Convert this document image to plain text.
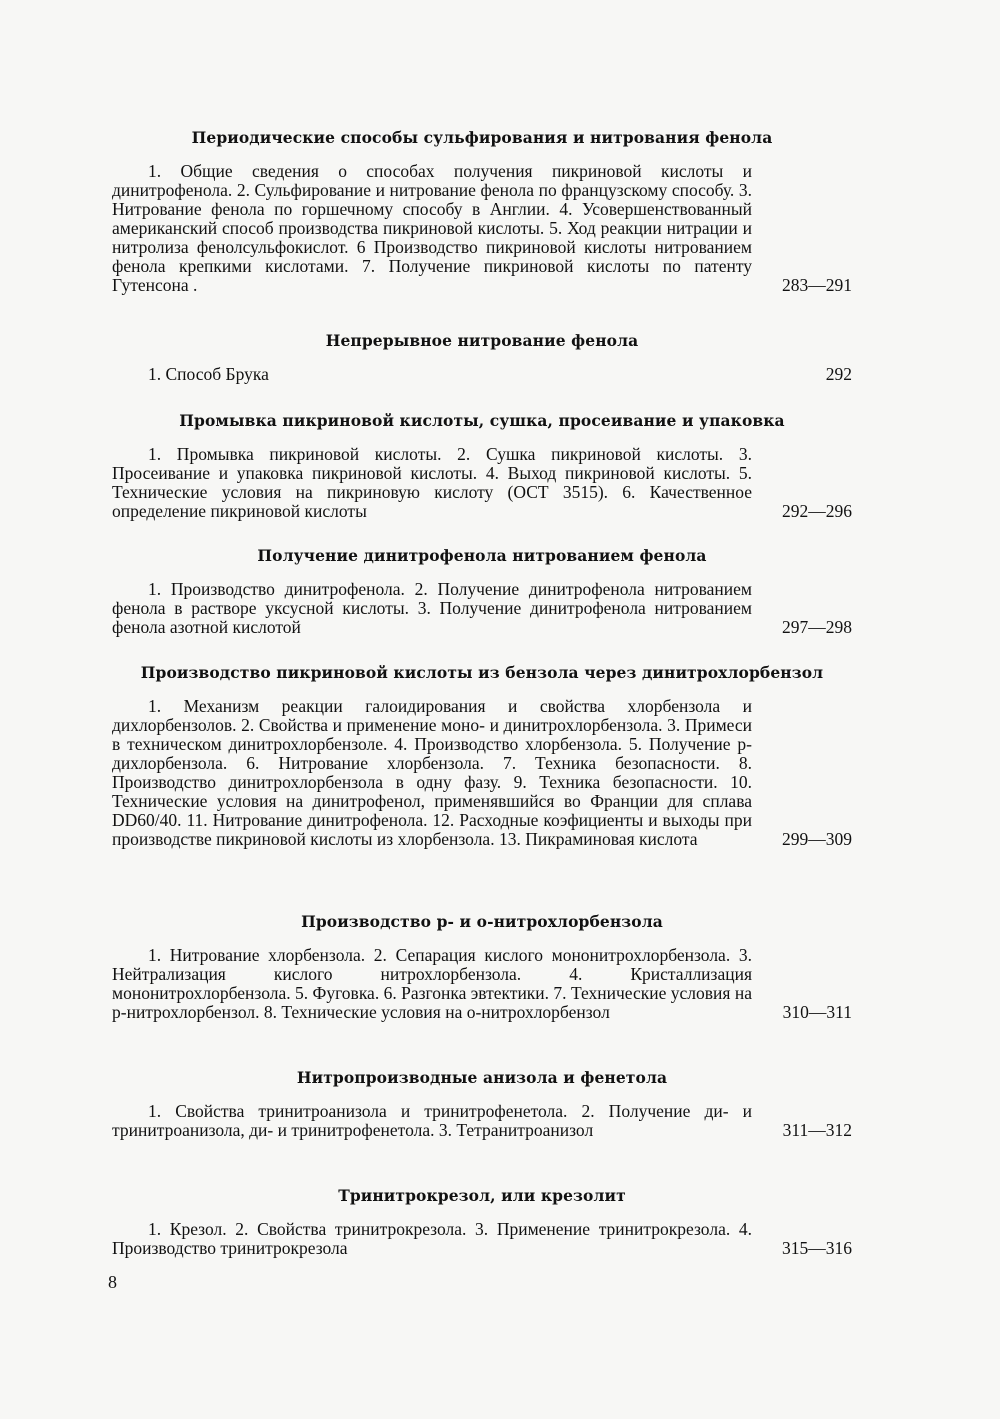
Периодические способы сульфирования и нитрования фенола

1. Общие сведения о способах получения пикриновой кислоты и динитрофенола. 2. Сульфирование и нитрование фенола по французскому способу. 3. Нитрование фенола по горшечному способу в Англии. 4. Усовершенствованный американский способ производства пикриновой кислоты. 5. Ход реакции нитрации и нитролиза фенолсульфокислот. 6 Производство пикриновой кислоты нитрованием фенола крепкими кислотами. 7. Получение пикриновой кислоты по патенту Гутенсона .	283—291
Непрерывное нитрование фенола

1. Способ Брука	292
Промывка пикриновой кислоты, сушка, просеивание и упаковка

1. Промывка пикриновой кислоты. 2. Сушка пикриновой кислоты. 3. Просеивание и упаковка пикриновой кислоты. 4. Выход пикриновой кислоты. 5. Технические условия на пикриновую кислоту (ОСТ 3515). 6. Качественное определение пикриновой кислоты	292—296
Получение динитрофенола нитрованием фенола

1. Производство динитрофенола. 2. Получение динитрофенола нитрованием фенола в растворе уксусной кислоты. 3. Получение динитрофенола нитрованием фенола азотной кислотой	297—298
Производство пикриновой кислоты из бензола через динитрохлорбензол

1. Механизм реакции галоидирования и свойства хлорбензола и дихлорбензолов. 2. Свойства и применение моно- и динитрохлорбензола. 3. Примеси в техническом динитрохлорбензоле. 4. Производство хлорбензола. 5. Получение p-дихлорбензола. 6. Нитрование хлорбензола. 7. Техника безопасности. 8. Производство динитрохлорбензола в одну фазу. 9. Техника безопасности. 10. Технические условия на динитрофенол, применявшийся во Франции для сплава DD60/40. 11. Нитрование динитрофенола. 12. Расходные коэфициенты и выходы при производстве пикриновой кислоты из хлорбензола. 13. Пикраминовая кислота	299—309
Производство p- и o-нитрохлорбензола

1. Нитрование хлорбензола. 2. Сепарация кислого мононитрохлорбензола. 3. Нейтрализация кислого нитрохлорбензола. 4. Кристаллизация мононитрохлорбензола. 5. Фуговка. 6. Разгонка эвтектики. 7. Технические условия на p-нитрохлорбензол. 8. Технические условия на o-нитрохлорбензол	310—311
Нитропроизводные анизола и фенетола

1. Свойства тринитроанизола и тринитрофенетола. 2. Получение ди- и тринитроанизола, ди- и тринитрофенетола. 3. Тетранитроанизол	311—312
Тринитрокрезол, или крезолит

1. Крезол. 2. Свойства тринитрокрезола. 3. Применение тринитрокрезола. 4. Производство тринитрокрезола	315—316
8
